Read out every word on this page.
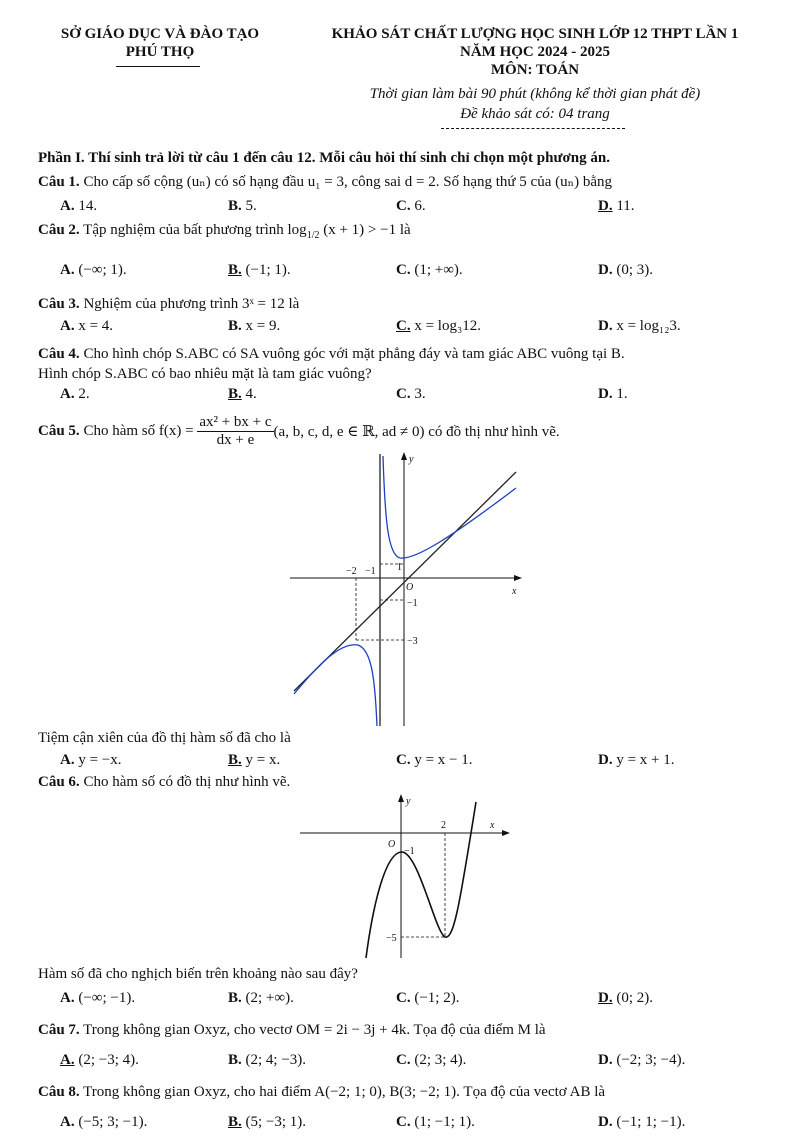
SỞ GIÁO DỤC VÀ ĐÀO TẠO
PHÚ THỌ
KHẢO SÁT CHẤT LƯỢNG HỌC SINH LỚP 12 THPT LẦN 1
NĂM HỌC 2024 - 2025
MÔN: TOÁN
Thời gian làm bài 90 phút (không kể thời gian phát đề)
Đề khảo sát có: 04 trang
Phần I. Thí sinh trả lời từ câu 1 đến câu 12. Mỗi câu hỏi thí sinh chỉ chọn một phương án.
Câu 1. Cho cấp số cộng (uₙ) có số hạng đầu u₁ = 3, công sai d = 2. Số hạng thứ 5 của (uₙ) bằng
A. 14.	B. 5.	C. 6.	D. 11.
Câu 2. Tập nghiệm của bất phương trình $\log_{1/2} (x + 1) > -1$ là
A. (−∞; 1).	B. (−1; 1).	C. (1; +∞).	D. (0; 3).
Câu 3. Nghiệm của phương trình 3ˣ = 12 là
A. x = 4.	B. x = 9.	C. x = log₃12.	D. x = log₁₂3.
Câu 4. Cho hình chóp S.ABC có SA vuông góc với mặt phẳng đáy và tam giác ABC vuông tại B.
Hình chóp S.ABC có bao nhiêu mặt là tam giác vuông?
A. 2.	B. 4.	C. 3.	D. 1.
Câu 5.
Cho hàm số f(x) =
$\frac{\text{ax² + bx + c}}{dx + e} (a$, b, c, d, e ∈ ℝ, ad ≠ 0) có đồ thị như hình vẽ.
y
x
O
−2 −1 1
−1
−3
Tiệm cận xiên của đồ thị hàm số đã cho là
A. y = −x.	B. y = x.	C. y = x − 1.	D. y = x + 1.
Câu 6. Cho hàm số có đồ thị như hình vẽ.
y
x
O
2
−1
−5
Hàm số đã cho nghịch biến trên khoảng nào sau đây?
A. (−∞; −1).	B. (2; +∞).	C. (−1; 2).	D. (0; 2).
Câu 7. Trong không gian Oxyz, cho vectơ OM = 2i − 3j + 4k. Tọa độ của điểm M là
A. (2; −3; 4).	B. (2; 4; −3).	C. (2; 3; 4).	D. (−2; 3; −4).
Câu 8. Trong không gian Oxyz, cho hai điểm A(−2; 1; 0), B(3; −2; 1). Tọa độ của vectơ AB là
A. (−5; 3; −1).	B. (5; −3; 1).	C. (1; −1; 1).	D. (−1; 1; −1).
